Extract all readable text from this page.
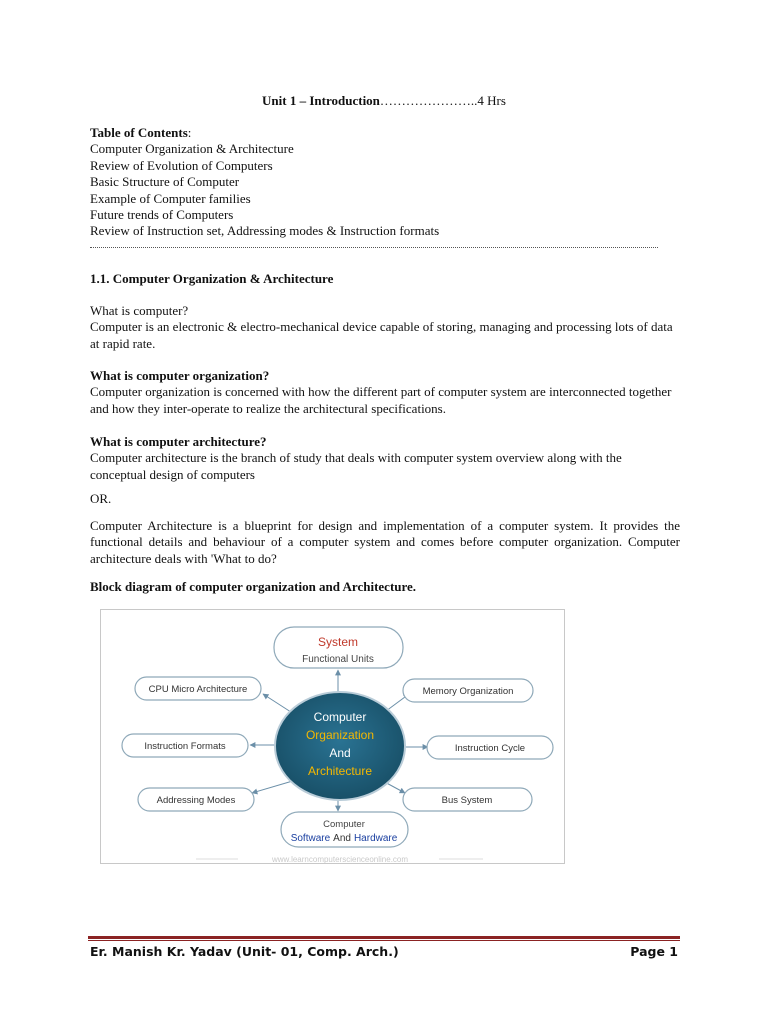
Unit 1 – Introduction…………………..4 Hrs
Table of Contents:
Computer Organization & Architecture
Review of Evolution of Computers
Basic Structure of Computer
Example of Computer families
Future trends of Computers
Review of Instruction set, Addressing modes & Instruction formats
1.1. Computer Organization & Architecture
What is computer?
Computer is an electronic & electro-mechanical device capable of storing, managing and processing lots of data at rapid rate.
What is computer organization?
Computer organization is concerned with how the different part of computer system are interconnected together and how they inter-operate to realize the architectural specifications.
What is computer architecture?
Computer architecture is the branch of study that deals with computer system overview along with the conceptual design of computers
OR.
Computer Architecture is a blueprint for design and implementation of a computer system. It provides the functional details and behaviour of a computer system and comes before computer organization. Computer architecture deals with 'What to do?
Block diagram of computer organization and Architecture.
System
Functional Units
CPU Micro Architecture	Memory Organization
Instruction Formats	Instruction Cycle
Addressing Modes	Bus System
Computer
Software And Hardware
Computer
Organization
And
Architecture
www.learncomputerscienceonline.com
Er. Manish Kr. Yadav (Unit- 01, Comp. Arch.)	Page 1
